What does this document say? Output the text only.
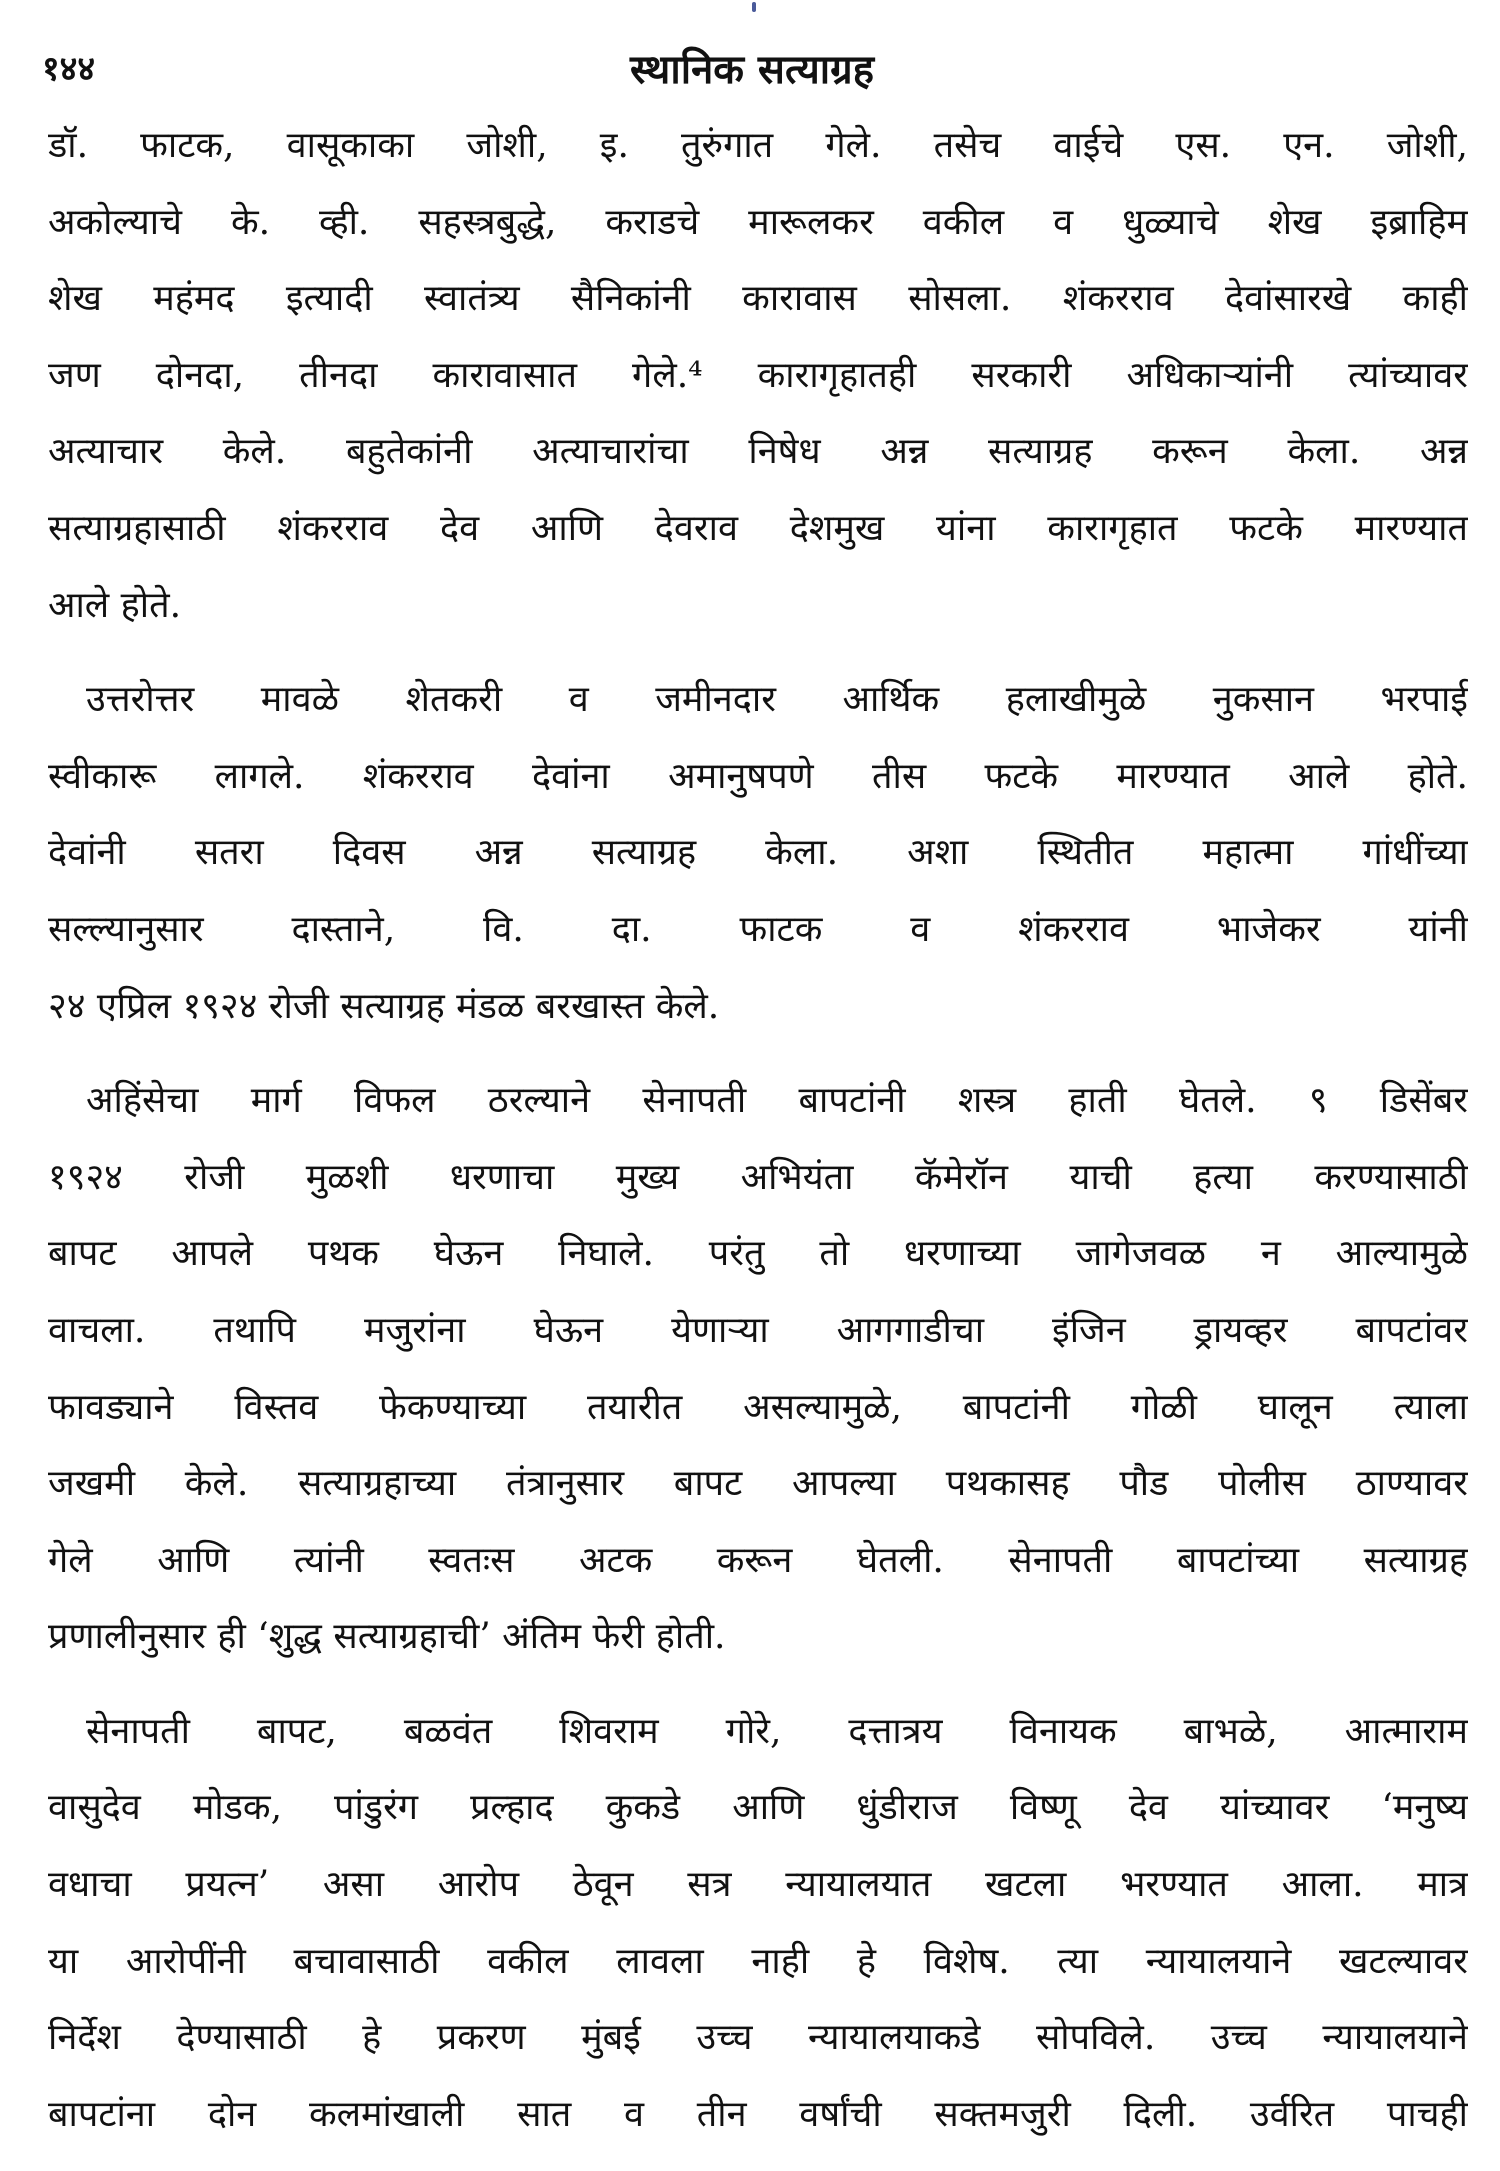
१४४	स्थानिक सत्याग्रह

डॉ. फाटक, वासूकाका जोशी, इ. तुरुंगात गेले. तसेच वाईचे एस. एन. जोशी,
अकोल्याचे के. व्ही. सहस्त्रबुद्धे, कराडचे मारूलकर वकील व धुळ्याचे शेख इब्राहिम
शेख महंमद इत्यादी स्वातंत्र्य सैनिकांनी कारावास सोसला. शंकरराव देवांसारखे काही
जण दोनदा, तीनदा कारावासात गेले.⁴ कारागृहातही सरकारी अधिकाऱ्यांनी त्यांच्यावर
अत्याचार केले. बहुतेकांनी अत्याचारांचा निषेध अन्न सत्याग्रह करून केला. अन्न
सत्याग्रहासाठी शंकरराव देव आणि देवराव देशमुख यांना कारागृहात फटके मारण्यात
आले होते.

उत्तरोत्तर मावळे शेतकरी व जमीनदार आर्थिक हलाखीमुळे नुकसान भरपाई
स्वीकारू लागले. शंकरराव देवांना अमानुषपणे तीस फटके मारण्यात आले होते.
देवांनी सतरा दिवस अन्न सत्याग्रह केला. अशा स्थितीत महात्मा गांधींच्या
सल्ल्यानुसार दास्ताने, वि. दा. फाटक व शंकरराव भाजेकर यांनी
२४ एप्रिल १९२४ रोजी सत्याग्रह मंडळ बरखास्त केले.

अहिंसेचा मार्ग विफल ठरल्याने सेनापती बापटांनी शस्त्र हाती घेतले. ९ डिसेंबर
१९२४ रोजी मुळशी धरणाचा मुख्य अभियंता कॅमेरॉन याची हत्या करण्यासाठी
बापट आपले पथक घेऊन निघाले. परंतु तो धरणाच्या जागेजवळ न आल्यामुळे
वाचला. तथापि मजुरांना घेऊन येणाऱ्या आगगाडीचा इंजिन ड्रायव्हर बापटांवर
फावड्याने विस्तव फेकण्याच्या तयारीत असल्यामुळे, बापटांनी गोळी घालून त्याला
जखमी केले. सत्याग्रहाच्या तंत्रानुसार बापट आपल्या पथकासह पौड पोलीस ठाण्यावर
गेले आणि त्यांनी स्वतःस अटक करून घेतली. सेनापती बापटांच्या सत्याग्रह
प्रणालीनुसार ही ‘शुद्ध सत्याग्रहाची’ अंतिम फेरी होती.

सेनापती बापट, बळवंत शिवराम गोरे, दत्तात्रय विनायक बाभळे, आत्माराम
वासुदेव मोडक, पांडुरंग प्रल्हाद कुकडे आणि धुंडीराज विष्णू देव यांच्यावर ‘मनुष्य
वधाचा प्रयत्न’ असा आरोप ठेवून सत्र न्यायालयात खटला भरण्यात आला. मात्र
या आरोपींनी बचावासाठी वकील लावला नाही हे विशेष. त्या न्यायालयाने खटल्यावर
निर्देश देण्यासाठी हे प्रकरण मुंबई उच्च न्यायालयाकडे सोपविले. उच्च न्यायालयाने
बापटांना दोन कलमांखाली सात व तीन वर्षांची सक्तमजुरी दिली. उर्वरित पाचही
